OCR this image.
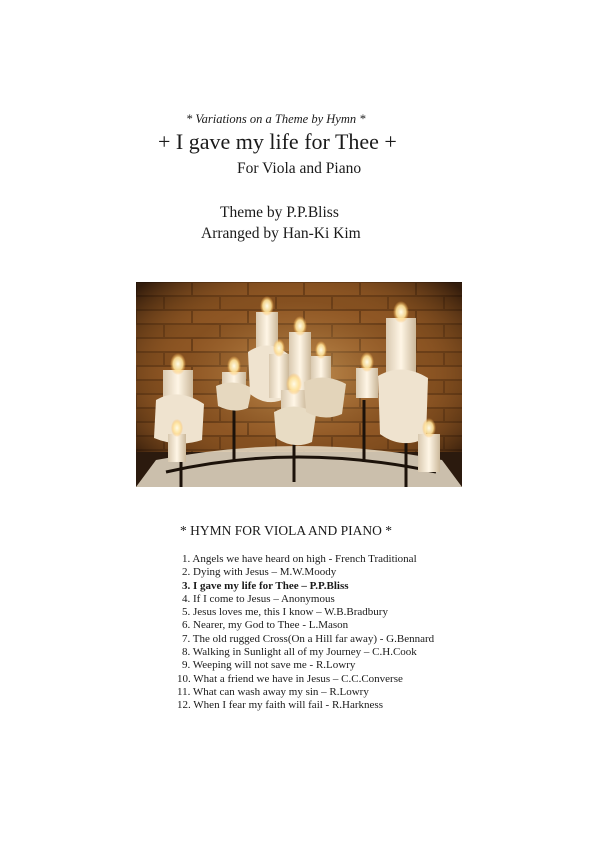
* Variations on a Theme by Hymn *
+ I gave my life for Thee +
For Viola and Piano
Theme by P.P.Bliss
Arranged by Han-Ki Kim
* HYMN FOR VIOLA AND PIANO *
1. Angels we have heard on high - French Traditional
2. Dying with Jesus – M.W.Moody
3. I gave my life for Thee – P.P.Bliss
4. If I come to Jesus – Anonymous
5. Jesus loves me, this I know – W.B.Bradbury
6. Nearer, my God to Thee - L.Mason
7. The old rugged Cross(On a Hill far away) - G.Bennard
8. Walking in Sunlight all of my Journey – C.H.Cook
9. Weeping will not save me - R.Lowry
10. What a friend we have in Jesus – C.C.Converse
11. What can wash away my sin – R.Lowry
12. When I fear my faith will fail - R.Harkness
